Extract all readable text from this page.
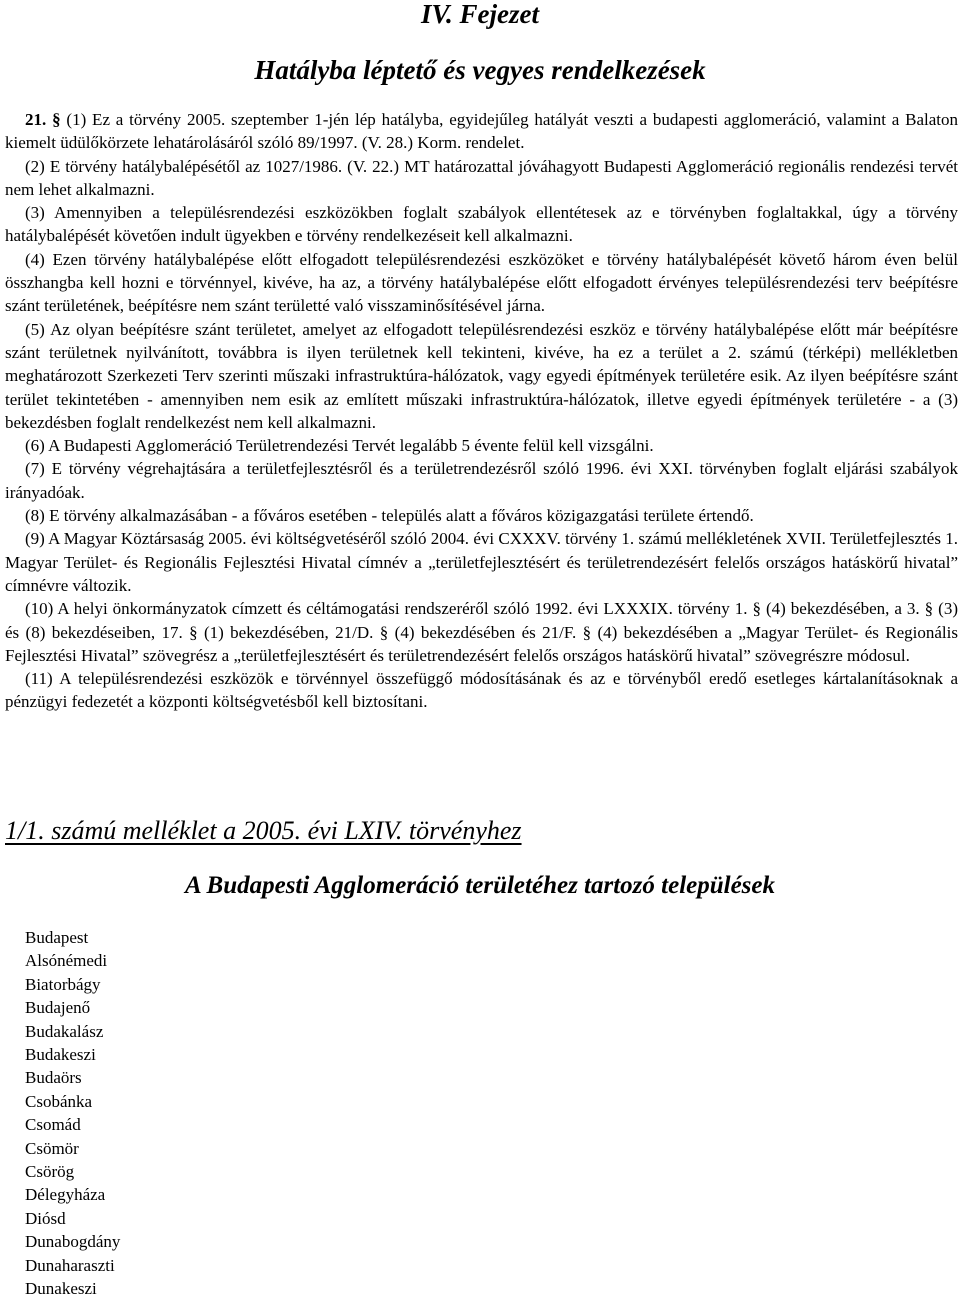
IV. Fejezet
Hatályba léptető és vegyes rendelkezések

21. § (1) Ez a törvény 2005. szeptember 1-jén lép hatályba, egyidejűleg hatályát veszti a budapesti agglomeráció, valamint a Balaton kiemelt üdülőkörzete lehatárolásáról szóló 89/1997. (V. 28.) Korm. rendelet.

(2) E törvény hatálybalépésétől az 1027/1986. (V. 22.) MT határozattal jóváhagyott Budapesti Agglomeráció regionális rendezési tervét nem lehet alkalmazni.

(3) Amennyiben a településrendezési eszközökben foglalt szabályok ellentétesek az e törvényben foglaltakkal, úgy a törvény hatálybalépését követően indult ügyekben e törvény rendelkezéseit kell alkalmazni.

(4) Ezen törvény hatálybalépése előtt elfogadott településrendezési eszközöket e törvény hatálybalépését követő három éven belül összhangba kell hozni e törvénnyel, kivéve, ha az, a törvény hatálybalépése előtt elfogadott érvényes településrendezési terv beépítésre szánt területének, beépítésre nem szánt területté való visszaminősítésével járna.

(5) Az olyan beépítésre szánt területet, amelyet az elfogadott településrendezési eszköz e törvény hatálybalépése előtt már beépítésre szánt területnek nyilvánított, továbbra is ilyen területnek kell tekinteni, kivéve, ha ez a terület a 2. számú (térképi) mellékletben meghatározott Szerkezeti Terv szerinti műszaki infrastruktúra-hálózatok, vagy egyedi építmények területére esik. Az ilyen beépítésre szánt terület tekintetében - amennyiben nem esik az említett műszaki infrastruktúra-hálózatok, illetve egyedi építmények területére - a (3) bekezdésben foglalt rendelkezést nem kell alkalmazni.

(6) A Budapesti Agglomeráció Területrendezési Tervét legalább 5 évente felül kell vizsgálni.

(7) E törvény végrehajtására a területfejlesztésről és a területrendezésről szóló 1996. évi XXI. törvényben foglalt eljárási szabályok irányadóak.

(8) E törvény alkalmazásában - a főváros esetében - település alatt a főváros közigazgatási területe értendő.

(9) A Magyar Köztársaság 2005. évi költségvetéséről szóló 2004. évi CXXXV. törvény 1. számú mellékletének XVII. Területfejlesztés 1. Magyar Terület- és Regionális Fejlesztési Hivatal címnév a „területfejlesztésért és területrendezésért felelős országos hatáskörű hivatal” címnévre változik.

(10) A helyi önkormányzatok címzett és céltámogatási rendszeréről szóló 1992. évi LXXXIX. törvény 1. § (4) bekezdésében, a 3. § (3) és (8) bekezdéseiben, 17. § (1) bekezdésében, 21/D. § (4) bekezdésében és 21/F. § (4) bekezdésében a „Magyar Terület- és Regionális Fejlesztési Hivatal” szövegrész a „területfejlesztésért és területrendezésért felelős országos hatáskörű hivatal” szövegrészre módosul.

(11) A településrendezési eszközök e törvénnyel összefüggő módosításának és az e törvényből eredő esetleges kártalanításoknak a pénzügyi fedezetét a központi költségvetésből kell biztosítani.

1/1. számú melléklet a 2005. évi LXIV. törvényhez
A Budapesti Agglomeráció területéhez tartozó települések
Budapest
Alsónémedi
Biatorbágy
Budajenő
Budakalász
Budakeszi
Budaörs
Csobánka
Csomád
Csömör
Csörög
Délegyháza
Diósd
Dunabogdány
Dunaharaszti
Dunakeszi
